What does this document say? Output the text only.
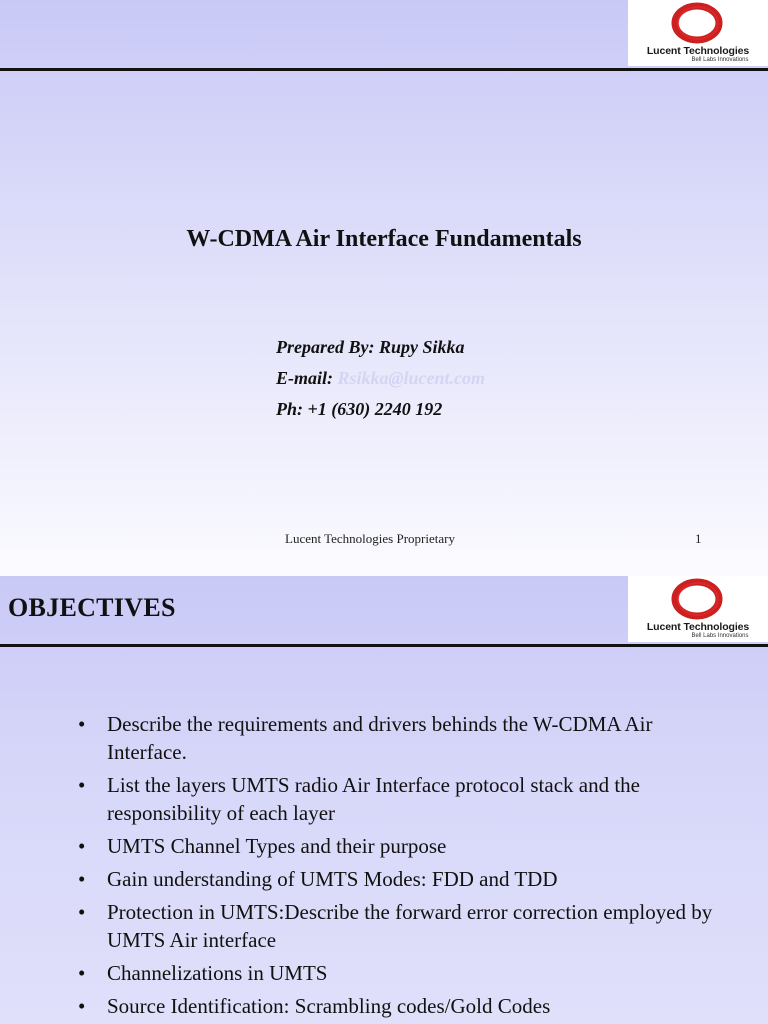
Lucent Technologies
Bell Labs Innovations
W-CDMA Air Interface Fundamentals
Prepared By: Rupy Sikka
E-mail: Rsikka@lucent.com
Ph: +1 (630) 2240 192
Lucent Technologies Proprietary	1
Lucent Technologies
Bell Labs Innovations
OBJECTIVES
• Describe the requirements and drivers behinds the W-CDMA Air Interface.
• List the layers UMTS radio Air Interface protocol stack and the responsibility of each layer
• UMTS Channel Types and their purpose
• Gain understanding of UMTS Modes: FDD and TDD
• Protection in UMTS:Describe the forward error correction employed by UMTS Air interface
• Channelizations in UMTS
• Source Identification: Scrambling codes/Gold Codes
